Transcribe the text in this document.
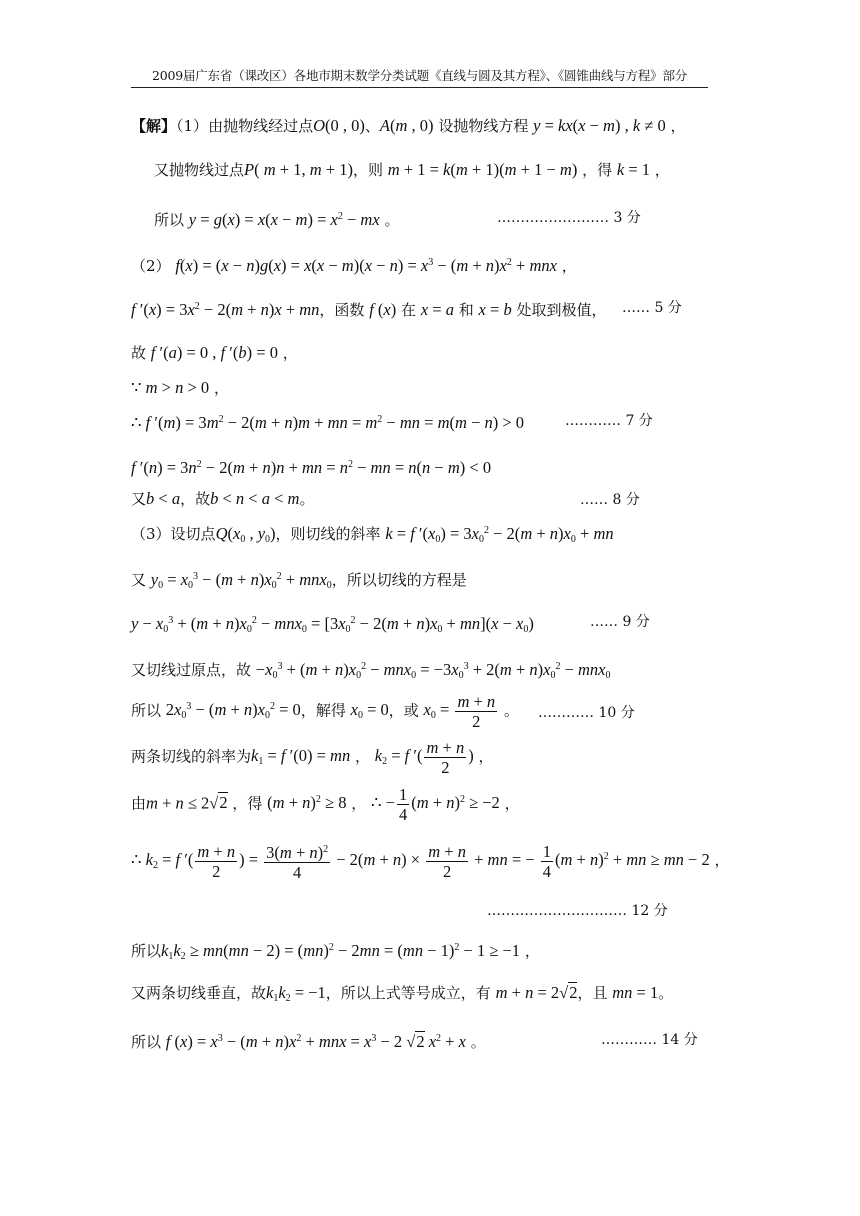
2009届广东省（课改区）各地市期末数学分类试题《直线与圆及其方程》、《圆锥曲线与方程》部分
【解】（1）由抛物线经过点O(0 , 0)、A(m , 0) 设抛物线方程 y = kx(x − m) , k ≠ 0 ，
又抛物线过点P( m + 1, m + 1)，则 m + 1 = k(m + 1)(m + 1 − m) ，得 k = 1 ，
所以 $y = g(x) = x(x - m) = x^2$ − mx 。	…………………… 3 分
（2） $f(x) = (x - n)g(x) = x(x - m)(x - n) = x^3 - (m + n)x^2$ + mnx ，
f $'(x) = 3x^2 - 2(m + n)x$ + mn，函数 f (x) 在 x = a 和 x = b 处取到极值， …… 5 分
故 f ′(a) = 0 , f ′(b) = 0 ，
∵ m > n > 0 ，
∴ f $'(m) = 3m^2 - 2(m + n)m$ + mn = $m^2$ − mn = m(m − n) > 0	………… 7 分
f $'(n) = 3n^2 - 2(m + n)n$ + mn = $n^2$ − mn = n(n − m) < 0
又b < a，故b < n < a < m。	…… 8 分
（3）设切点$Q(x_0$ , $y_0$)，则切线的斜率 k = f $'(x_0) = 3x_0^2 - 2(m + n)x_0$ + mn
又 $y_0 = x_0^3 - (m + n)x_0^2 + mnx_0$，所以切线的方程是
$y - x_0^3 + (m + n)x_0^2 - mnx_0 = [3x_0^2 - 2(m + n)x_0 + mn](x - x_0)$	…… 9 分
又切线过原点，故 $-x_0^3 + (m + n)x_0^2 - mnx_0 = -3x_0^3 + 2(m + n)x_0^2 - mnx_0$
所以 $2x_0^3 - (m + n)x_0^2 = 0$，解得 $x_0 = 0$，或 $x_0 = \frac{m + n}{2}$ 。 ………… 10 分
两条切线的斜率为$k_1 = f$ ′(0) = mn ， $k_2 = f$ ′( $\frac{m + n}{2}$ ) ，
由m + n ≤ 2√2 ，得 $(m + n)^2 \ge 8$ ， ∴ − $\frac{1}{4} (m + n)^2 \ge -2$ ，
∴ $k_2 = f$ ′( $\frac{m + n}{2}$ ) = $\frac{3(m + n)^2}{4} - 2(m + n) \times \frac{m + n}{2}$ + mn = − $\frac{1}{4} (m + n)^2$ + mn ≥ mn − 2 ，
………………………… 12 分
所以$k_1k_2 \ge mn(mn - 2) = (mn)^2 - 2mn = (mn - 1)^2 - 1 \ge -1$ ，
又两条切线垂直，故$k_1k_2 = -1$，所以上式等号成立，有 m + n = 2√2，且 mn = 1。
所以 f $(x) = x^3 - (m + n)x^2$ + mnx = $x^3 - 2$ √2 $x^2 + x$ 。	………… 14 分
